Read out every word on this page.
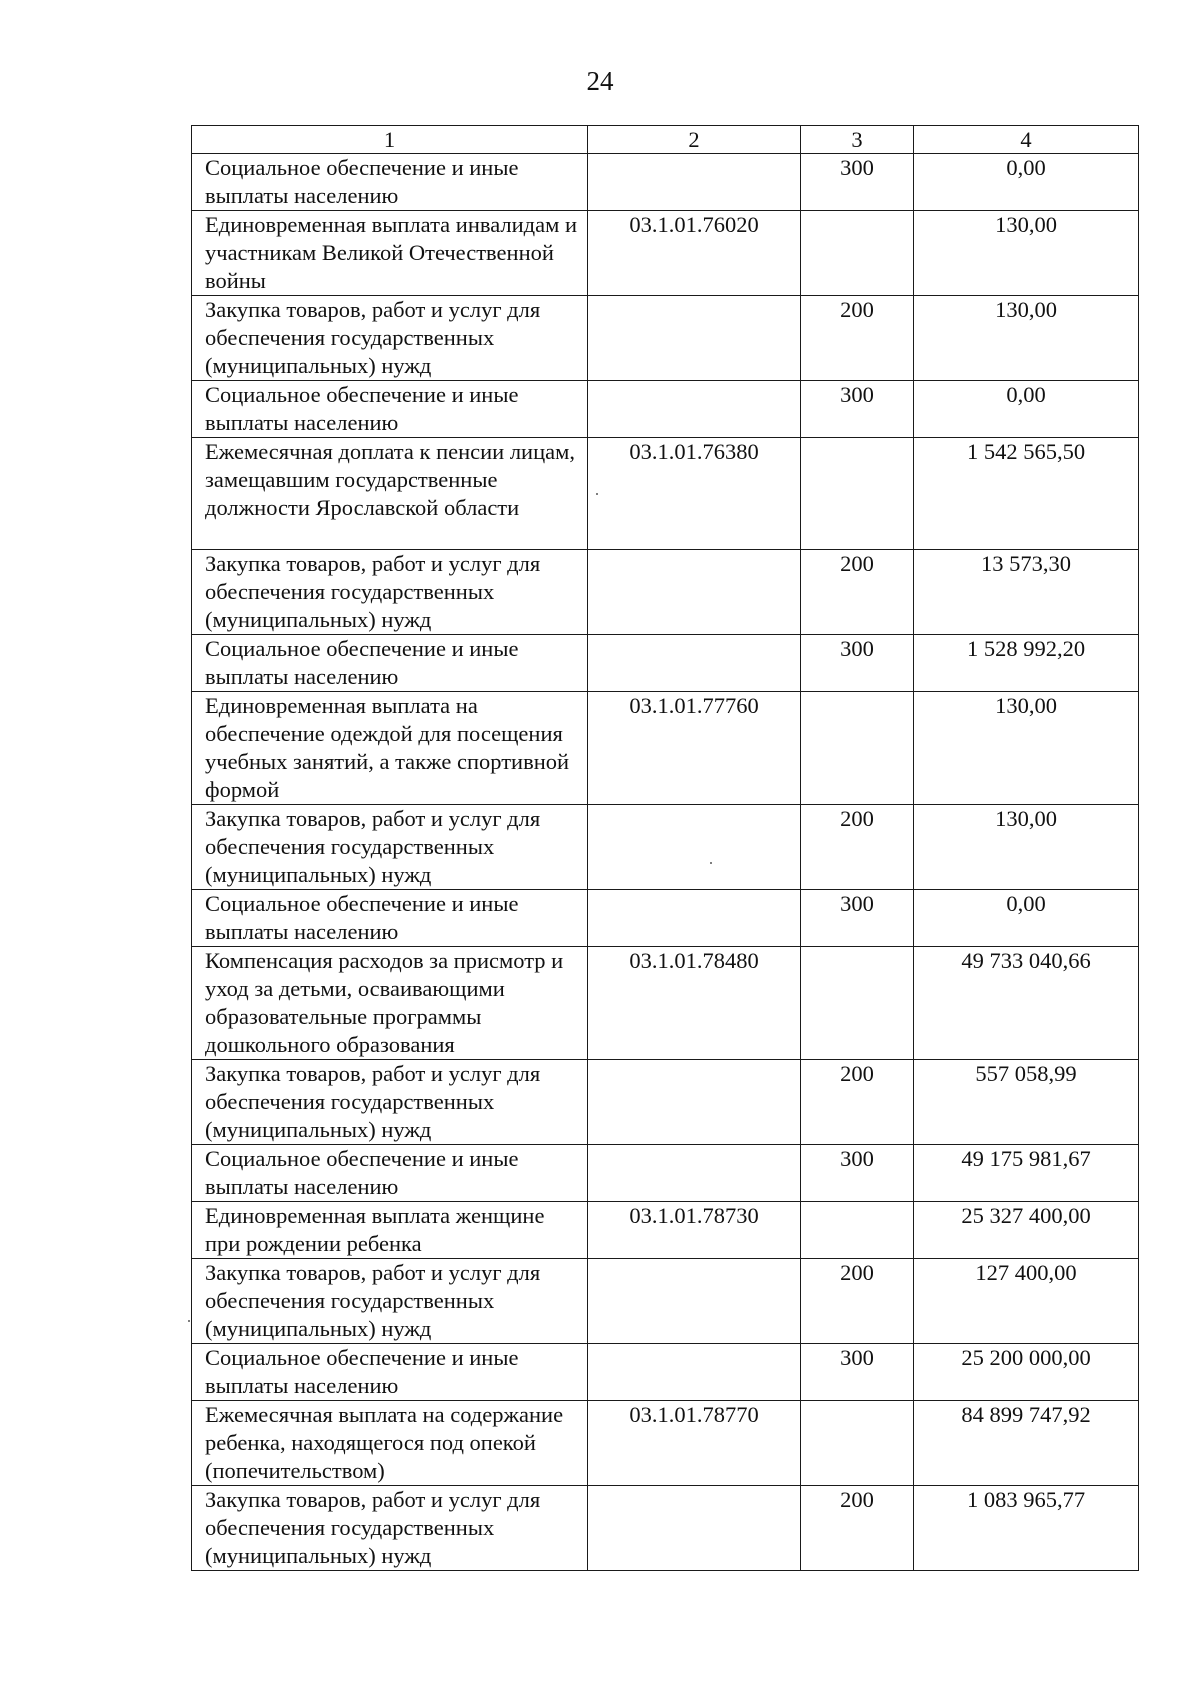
24
1	2	3	4
Социальное обеспечение и иные выплаты населению		300	0,00
Единовременная выплата инвалидам и участникам Великой Отечественной войны	03.1.01.76020		130,00
Закупка товаров, работ и услуг для обеспечения государственных (муниципальных) нужд		200	130,00
Социальное обеспечение и иные выплаты населению		300	0,00
Ежемесячная доплата к пенсии лицам, замещавшим государственные должности Ярославской области	03.1.01.76380		1 542 565,50
Закупка товаров, работ и услуг для обеспечения государственных (муниципальных) нужд		200	13 573,30
Социальное обеспечение и иные выплаты населению		300	1 528 992,20
Единовременная выплата на обеспечение одеждой для посещения учебных занятий, а также спортивной формой	03.1.01.77760		130,00
Закупка товаров, работ и услуг для обеспечения государственных (муниципальных) нужд		200	130,00
Социальное обеспечение и иные выплаты населению		300	0,00
Компенсация расходов за присмотр и уход за детьми, осваивающими образовательные программы дошкольного образования	03.1.01.78480		49 733 040,66
Закупка товаров, работ и услуг для обеспечения государственных (муниципальных) нужд		200	557 058,99
Социальное обеспечение и иные выплаты населению		300	49 175 981,67
Единовременная выплата женщине при рождении ребенка	03.1.01.78730		25 327 400,00
Закупка товаров, работ и услуг для обеспечения государственных (муниципальных) нужд		200	127 400,00
Социальное обеспечение и иные выплаты населению		300	25 200 000,00
Ежемесячная выплата на содержание ребенка, находящегося под опекой (попечительством)	03.1.01.78770		84 899 747,92
Закупка товаров, работ и услуг для обеспечения государственных (муниципальных) нужд		200	1 083 965,77
